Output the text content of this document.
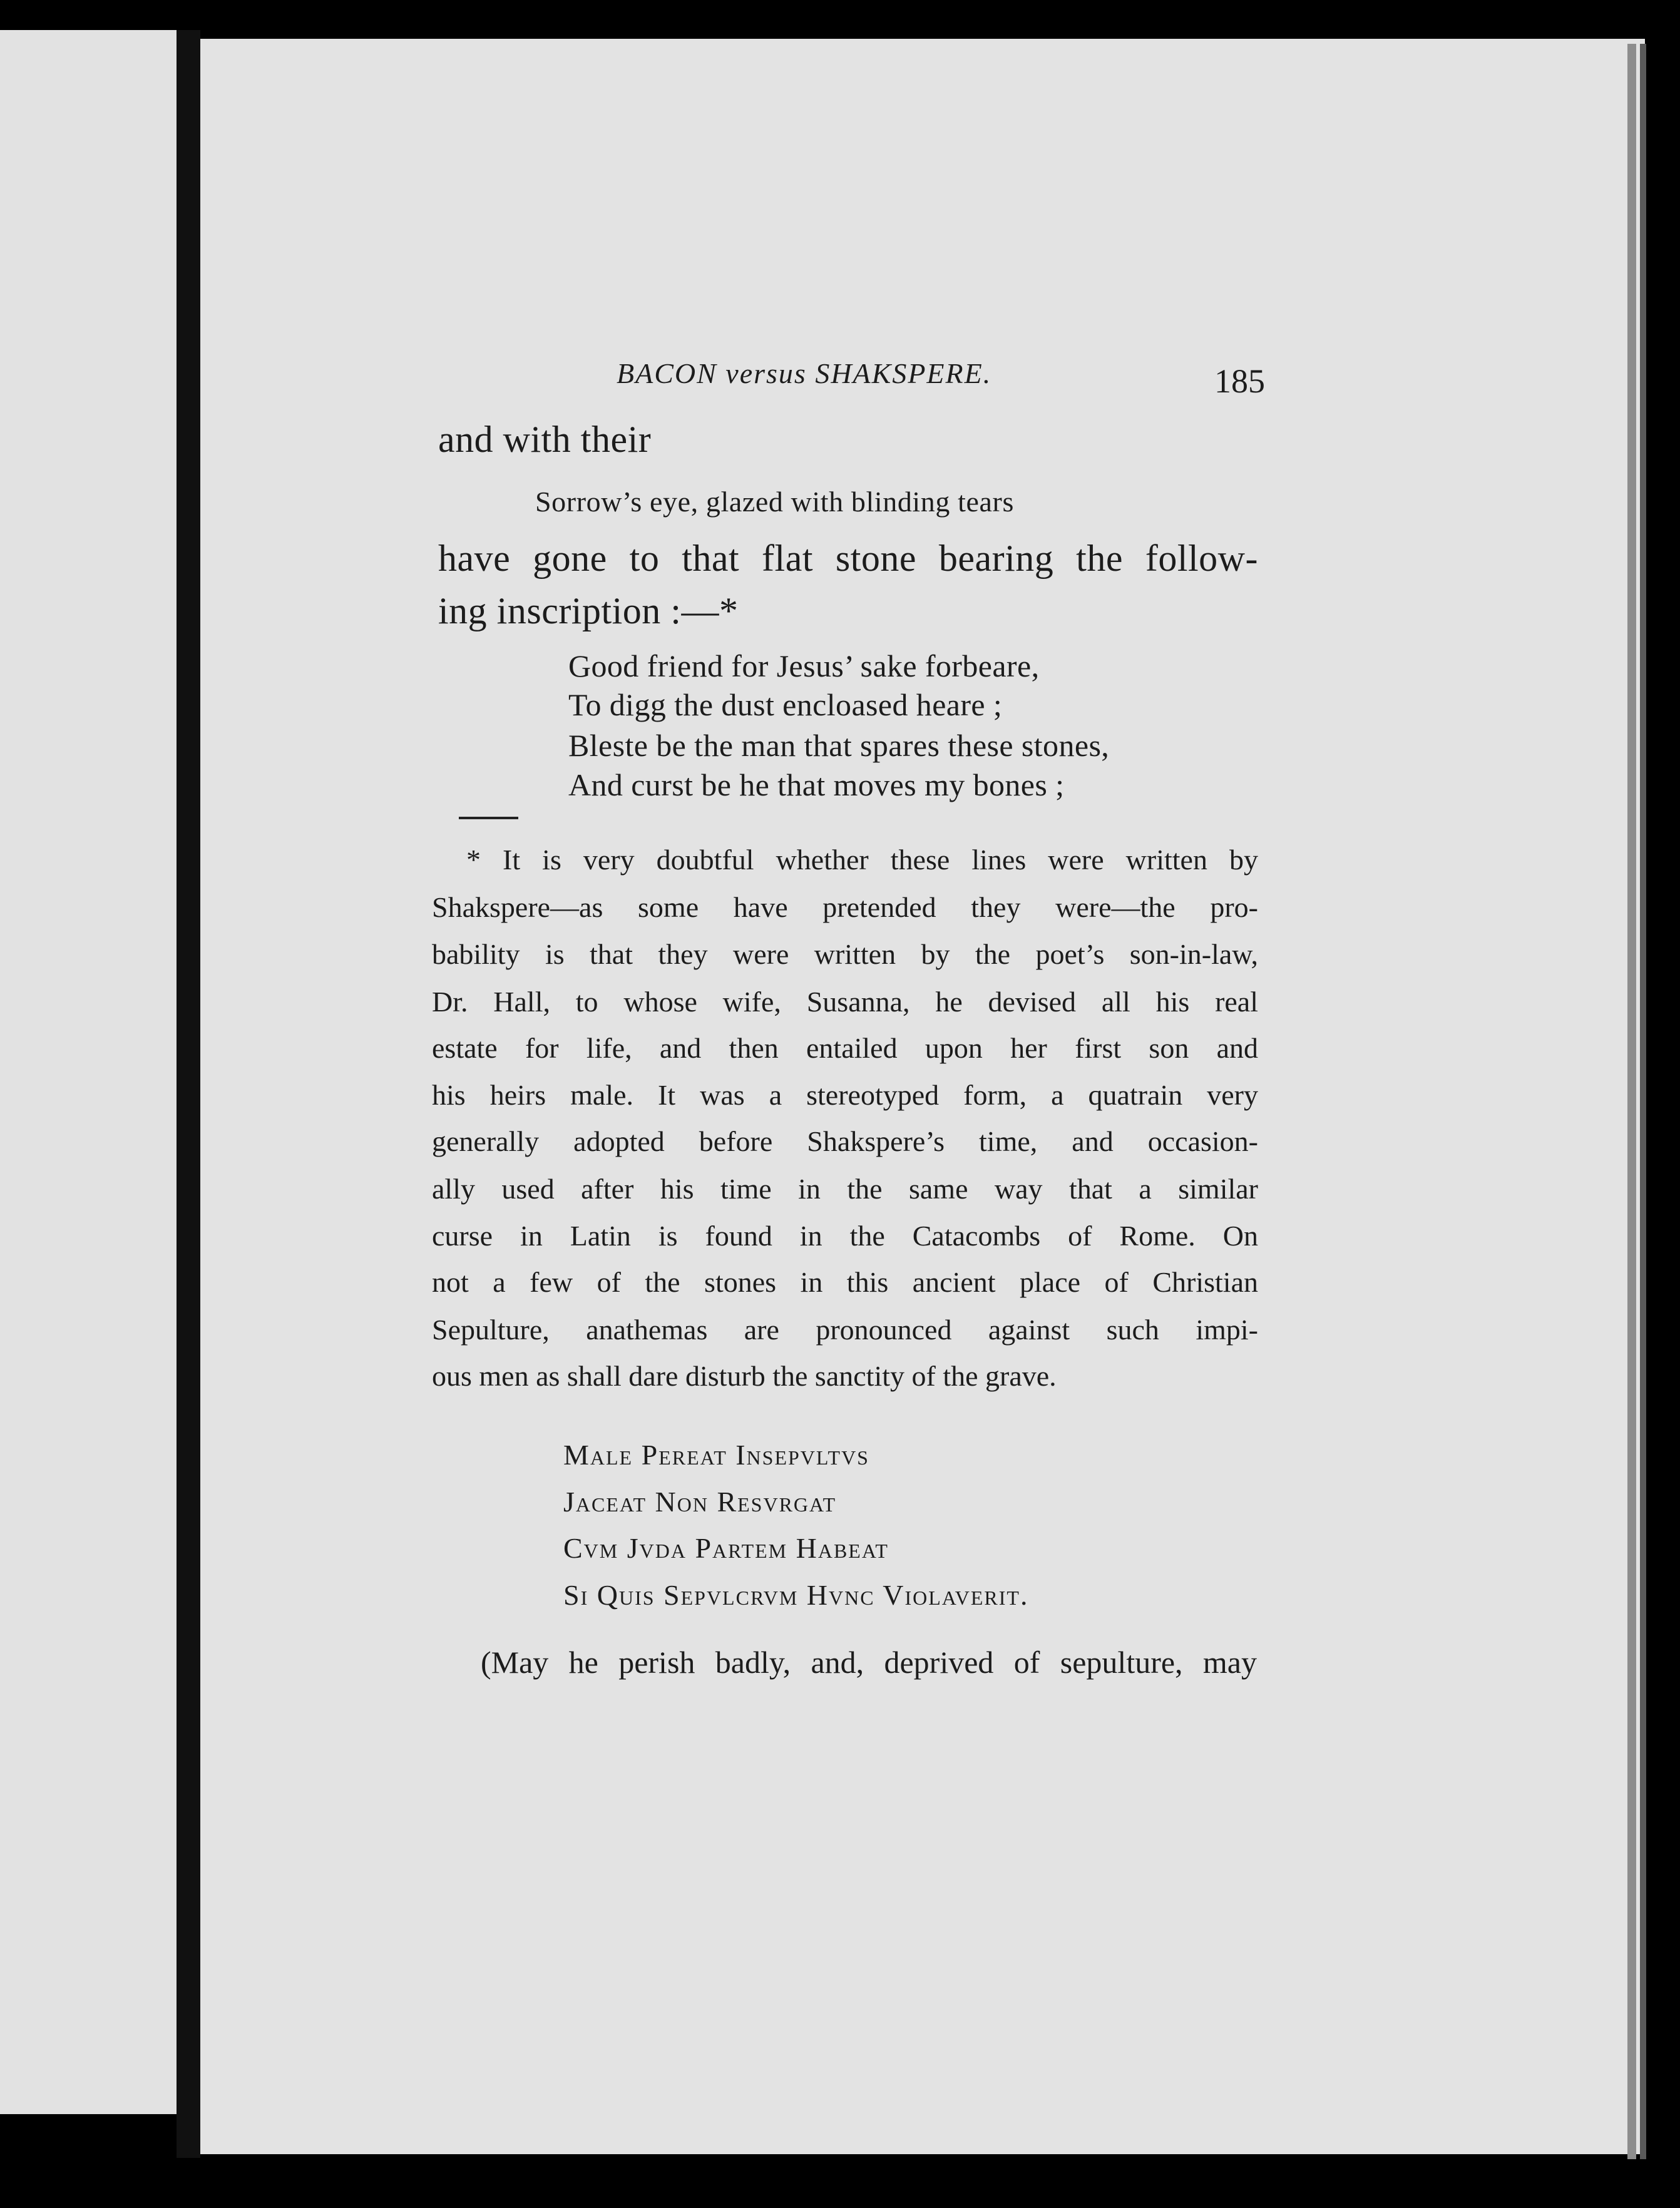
BACON versus SHAKSPERE.	185

and with their

Sorrow’s eye, glazed with blinding tears

have gone to that flat stone bearing the follow-

ing inscription :—*

Good friend for Jesus’ sake forbeare,

To digg the dust encloased heare ;

Bleste be the man that spares these stones,

And curst be he that moves my bones ;

* It is very doubtful whether these lines were written by

Shakspere—as some have pretended they were—the pro-

bability is that they were written by the poet’s son-in-law,

Dr. Hall, to whose wife, Susanna, he devised all his real

estate for life, and then entailed upon her first son and

his heirs male. It was a stereotyped form, a quatrain very

generally adopted before Shakspere’s time, and occasion-

ally used after his time in the same way that a similar

curse in Latin is found in the Catacombs of Rome. On

not a few of the stones in this ancient place of Christian

Sepulture, anathemas are pronounced against such impi-

ous men as shall dare disturb the sanctity of the grave.

Male Pereat Insepvltvs

Jaceat Non Resvrgat

Cvm Jvda Partem Habeat

Si Quis Sepvlcrvm Hvnc Violaverit.

(May he perish badly, and, deprived of sepulture, may
